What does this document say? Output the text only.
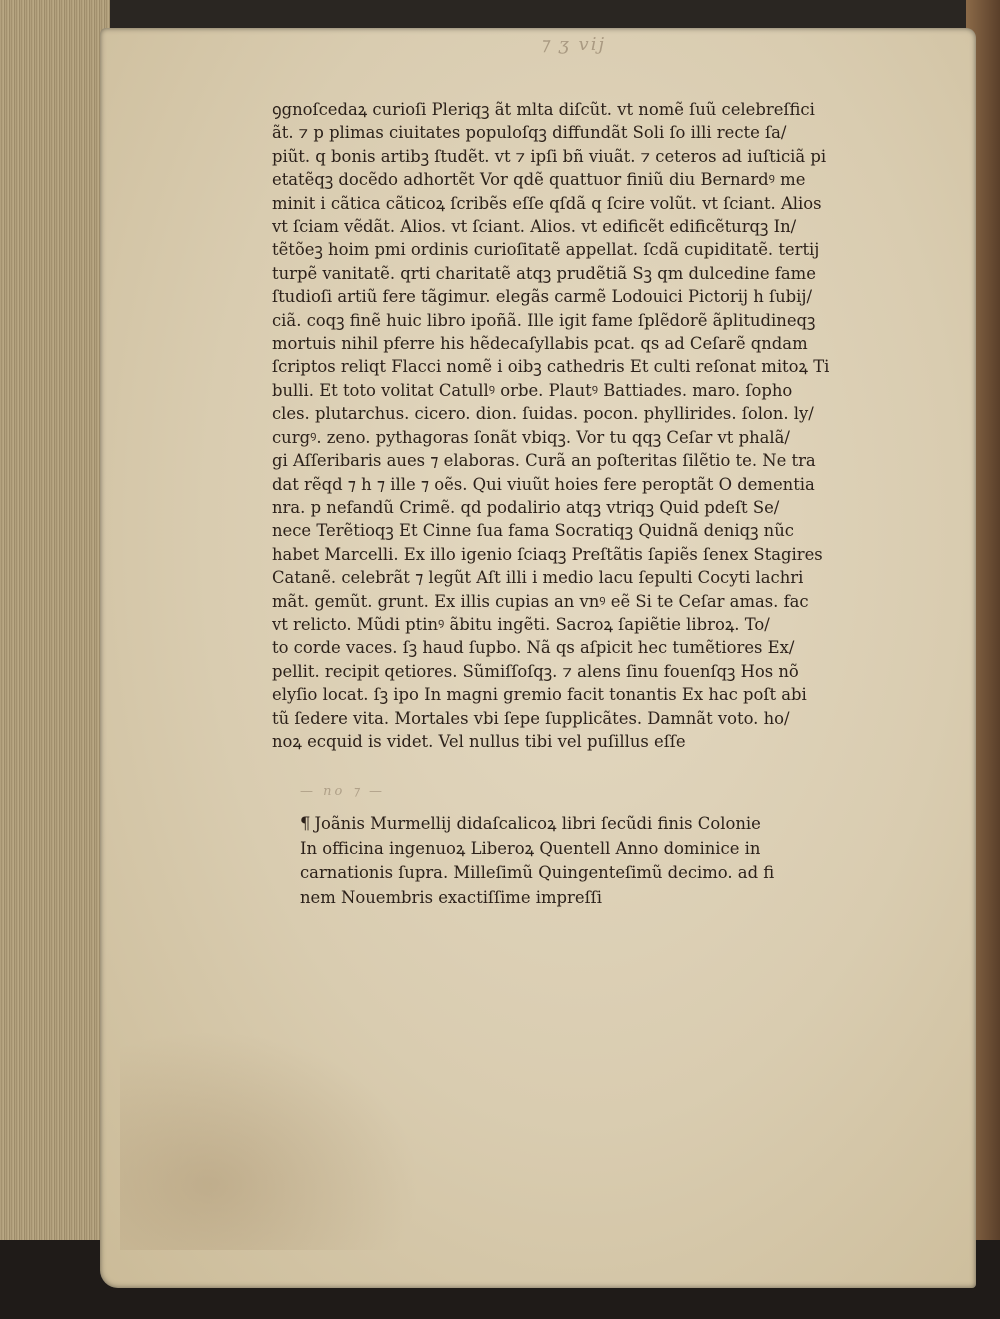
⁊ ʒ vij
— no ⁊ —
ꝯgnoſcedaꝝ curioſi Pleriqꝫ ãt mlta diſcũt. vt nomẽ ſuũ celebreſfici
ãt. ⁊ p plimas ciuitates populoſqꝫ diffundãt Soli ſo illi recte ſa/
piũt. q bonis artibꝫ ſtudẽt. vt ⁊ ipſi bñ viuãt. ⁊ ceteros ad iuſticiã pi
etatẽqꝫ docẽdo adhortẽt Vor qdẽ quattuor finiũ diu Bernardꝰ me
minit i cãtica cãticoꝝ ſcribẽs eſſe qſdã q ſcire volũt. vt ſciant. Alios
vt ſciam vẽdãt. Alios. vt ſciant. Alios. vt edificẽt edificẽturqꝫ In/
tẽtõeꝫ hoim pmi ordinis curioſitatẽ appellat. ſcdã cupiditatẽ. tertij
turpẽ vanitatẽ. qrti charitatẽ atqꝫ prudẽtiã Sꝫ qm dulcedine fame
ſtudioſi artiũ fere tãgimur. elegãs carmẽ Lodouici Pictorij h ſubij/
ciã. coqꝫ finẽ huic libro ipoñã. Ille igit fame ſplẽdorẽ ãplitudineqꝫ
mortuis nihil pferre his hẽdecaſyllabis pcat. qs ad Ceſarẽ qndam
ſcriptos reliqt Flacci nomẽ i oibꝫ cathedris Et culti reſonat mitoꝝ Ti
bulli. Et toto volitat Catullꝰ orbe. Plautꝰ Battiades. maro. ſopho
cles. plutarchus. cicero. dion. ſuidas. pocon. phyllirides. ſolon. ly/
curgꝰ. zeno. pythagoras ſonãt vbiqꝫ. Vor tu qqꝫ Ceſar vt phalã/
gi Aſſeribaris aues ⁊ elaboras. Curã an poſteritas ſilẽtio te. Ne tra
dat rẽqd ⁊ h ⁊ ille ⁊ oẽs. Qui viuũt hoies fere peroptãt O dementia
nra. p nefandũ Crimẽ. qd podalirio atqꝫ vtriqꝫ Quid pdeſt Se/
nece Terẽtioqꝫ Et Cinne ſua fama Socratiqꝫ Quidnã deniqꝫ nũc
habet Marcelli. Ex illo igenio ſciaqꝫ Preſtãtis ſapiẽs ſenex Stagires
Catanẽ. celebrãt ⁊ legũt Aſt illi i medio lacu ſepulti Cocyti lachri
mãt. gemũt. grunt. Ex illis cupias an vnꝰ eẽ Si te Ceſar amas. fac
vt relicto. Mũdi ptinꝰ ãbitu ingẽti. Sacroꝝ ſapiẽtie libroꝝ. To/
to corde vaces. ſꝫ haud ſupbo. Nã qs aſpicit hec tumẽtiores Ex/
pellit. recipit qetiores. Sũmiſſoſqꝫ. ⁊ alens ſinu fouenſqꝫ Hos nõ
elyſio locat. ſꝫ ipo In magni gremio facit tonantis Ex hac poſt abi
tũ ſedere vita. Mortales vbi ſepe ſupplicãtes. Damnãt voto. ho/
noꝝ ecquid is videt. Vel nullus tibi vel puſillus eſſe
¶ Joãnis Murmellij didaſcalicoꝝ libri ſecũdi finis Colonie
In officina ingenuoꝝ Liberoꝝ Quentell Anno dominice in
carnationis ſupra. Milleſimũ Quingenteſimũ decimo. ad fi
nem Nouembris exactiſſime impreſſi
